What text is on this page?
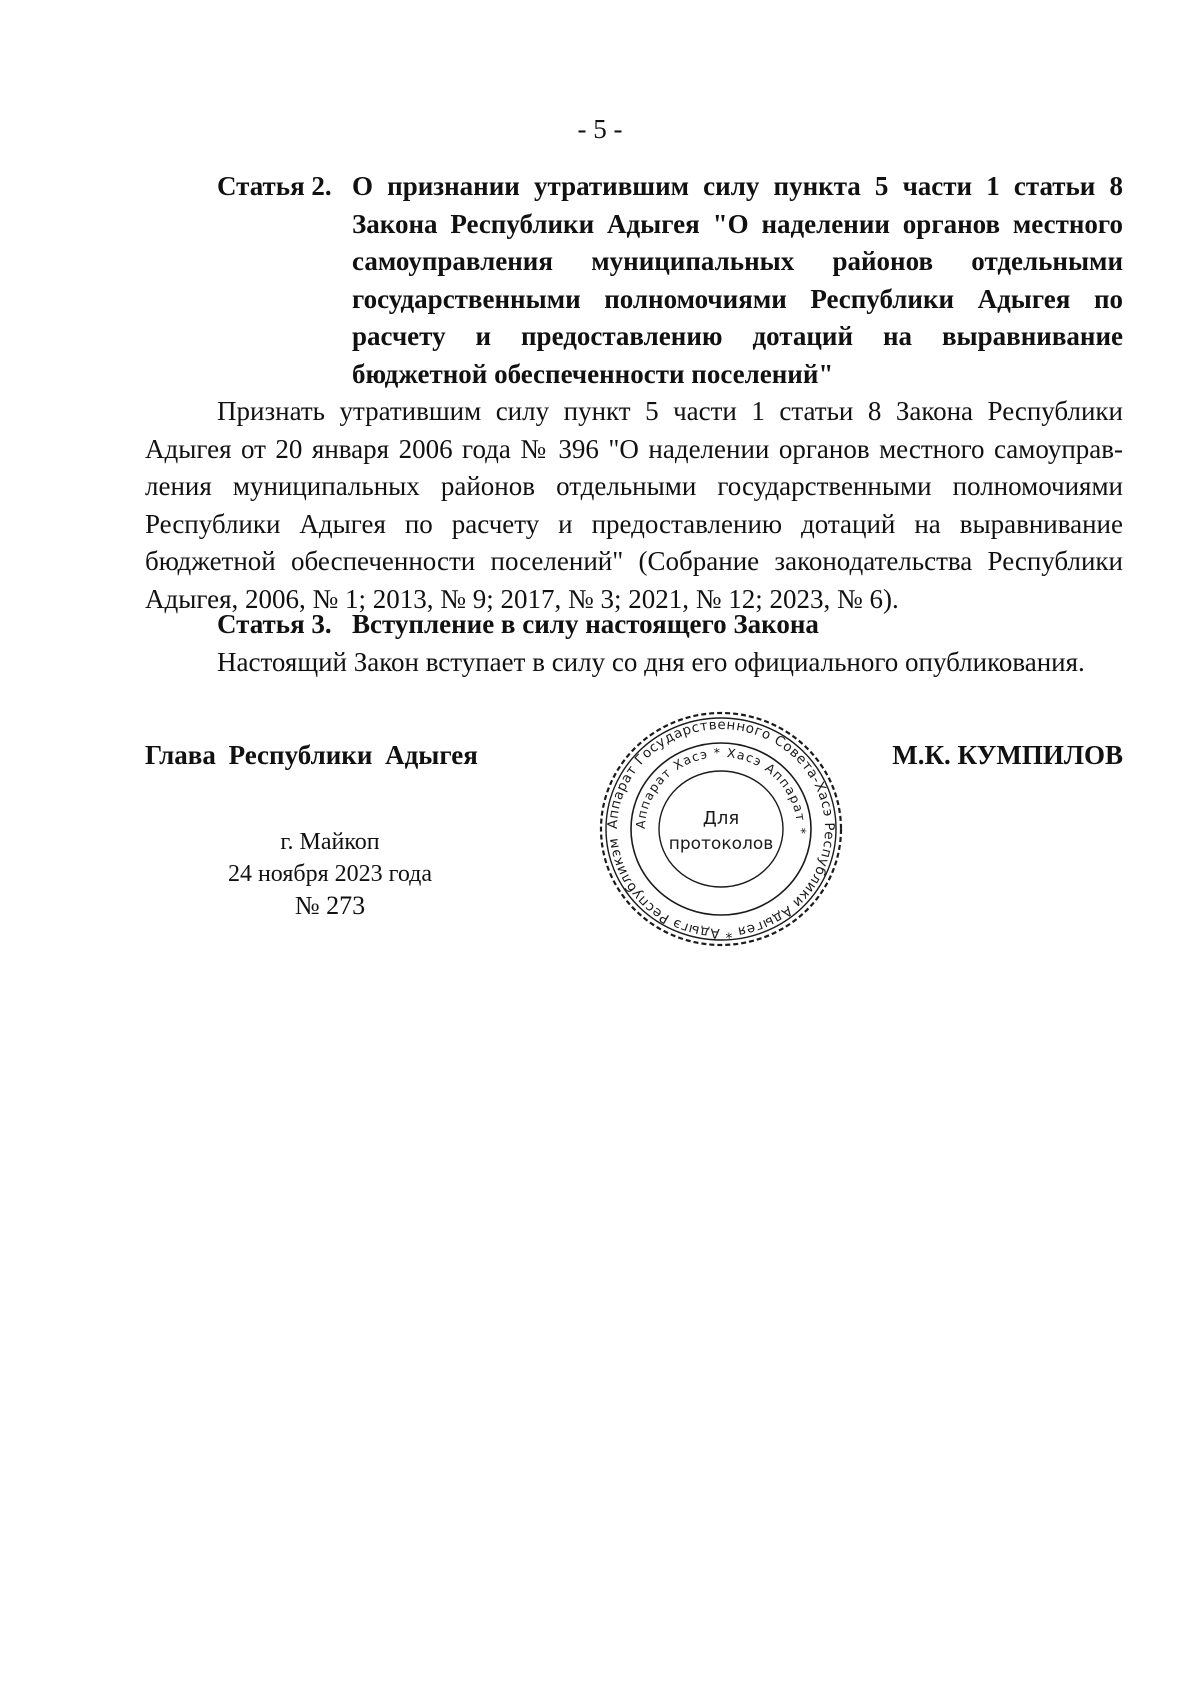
- 5 -
Статья 2. О признании утратившим силу пункта 5 части 1 статьи 8 Закона Республики Адыгея "О наделении органов местного самоуправления муниципальных районов отдельными государственными полномочиями Республики Адыгея по расчету и предоставлению дотаций на выравнивание бюджетной обеспеченности поселений"

Признать утратившим силу пункт 5 части 1 статьи 8 Закона Республики Адыгея от 20 января 2006 года № 396 "О наделении органов местного самоуправления муниципальных районов отдельными государственными полномочиями Республики Адыгея по расчету и предоставлению дотаций на выравнивание бюджетной обеспеченности поселений" (Собрание законодательства Республики Адыгея, 2006, № 1; 2013, № 9; 2017, № 3; 2021, № 12; 2023, № 6).

Статья 3. Вступление в силу настоящего Закона

Настоящий Закон вступает в силу со дня его официального опубликования.

Глава Республики Адыгея	М.К. КУМПИЛОВ
г. Майкоп
24 ноября 2023 года
№ 273
Аппарат Государственного Совета-Хасэ Республики Адыгея * Адыгэ Республикэм
Аппарат Хасэ * Хасэ Аппарат *
Для
протоколов
